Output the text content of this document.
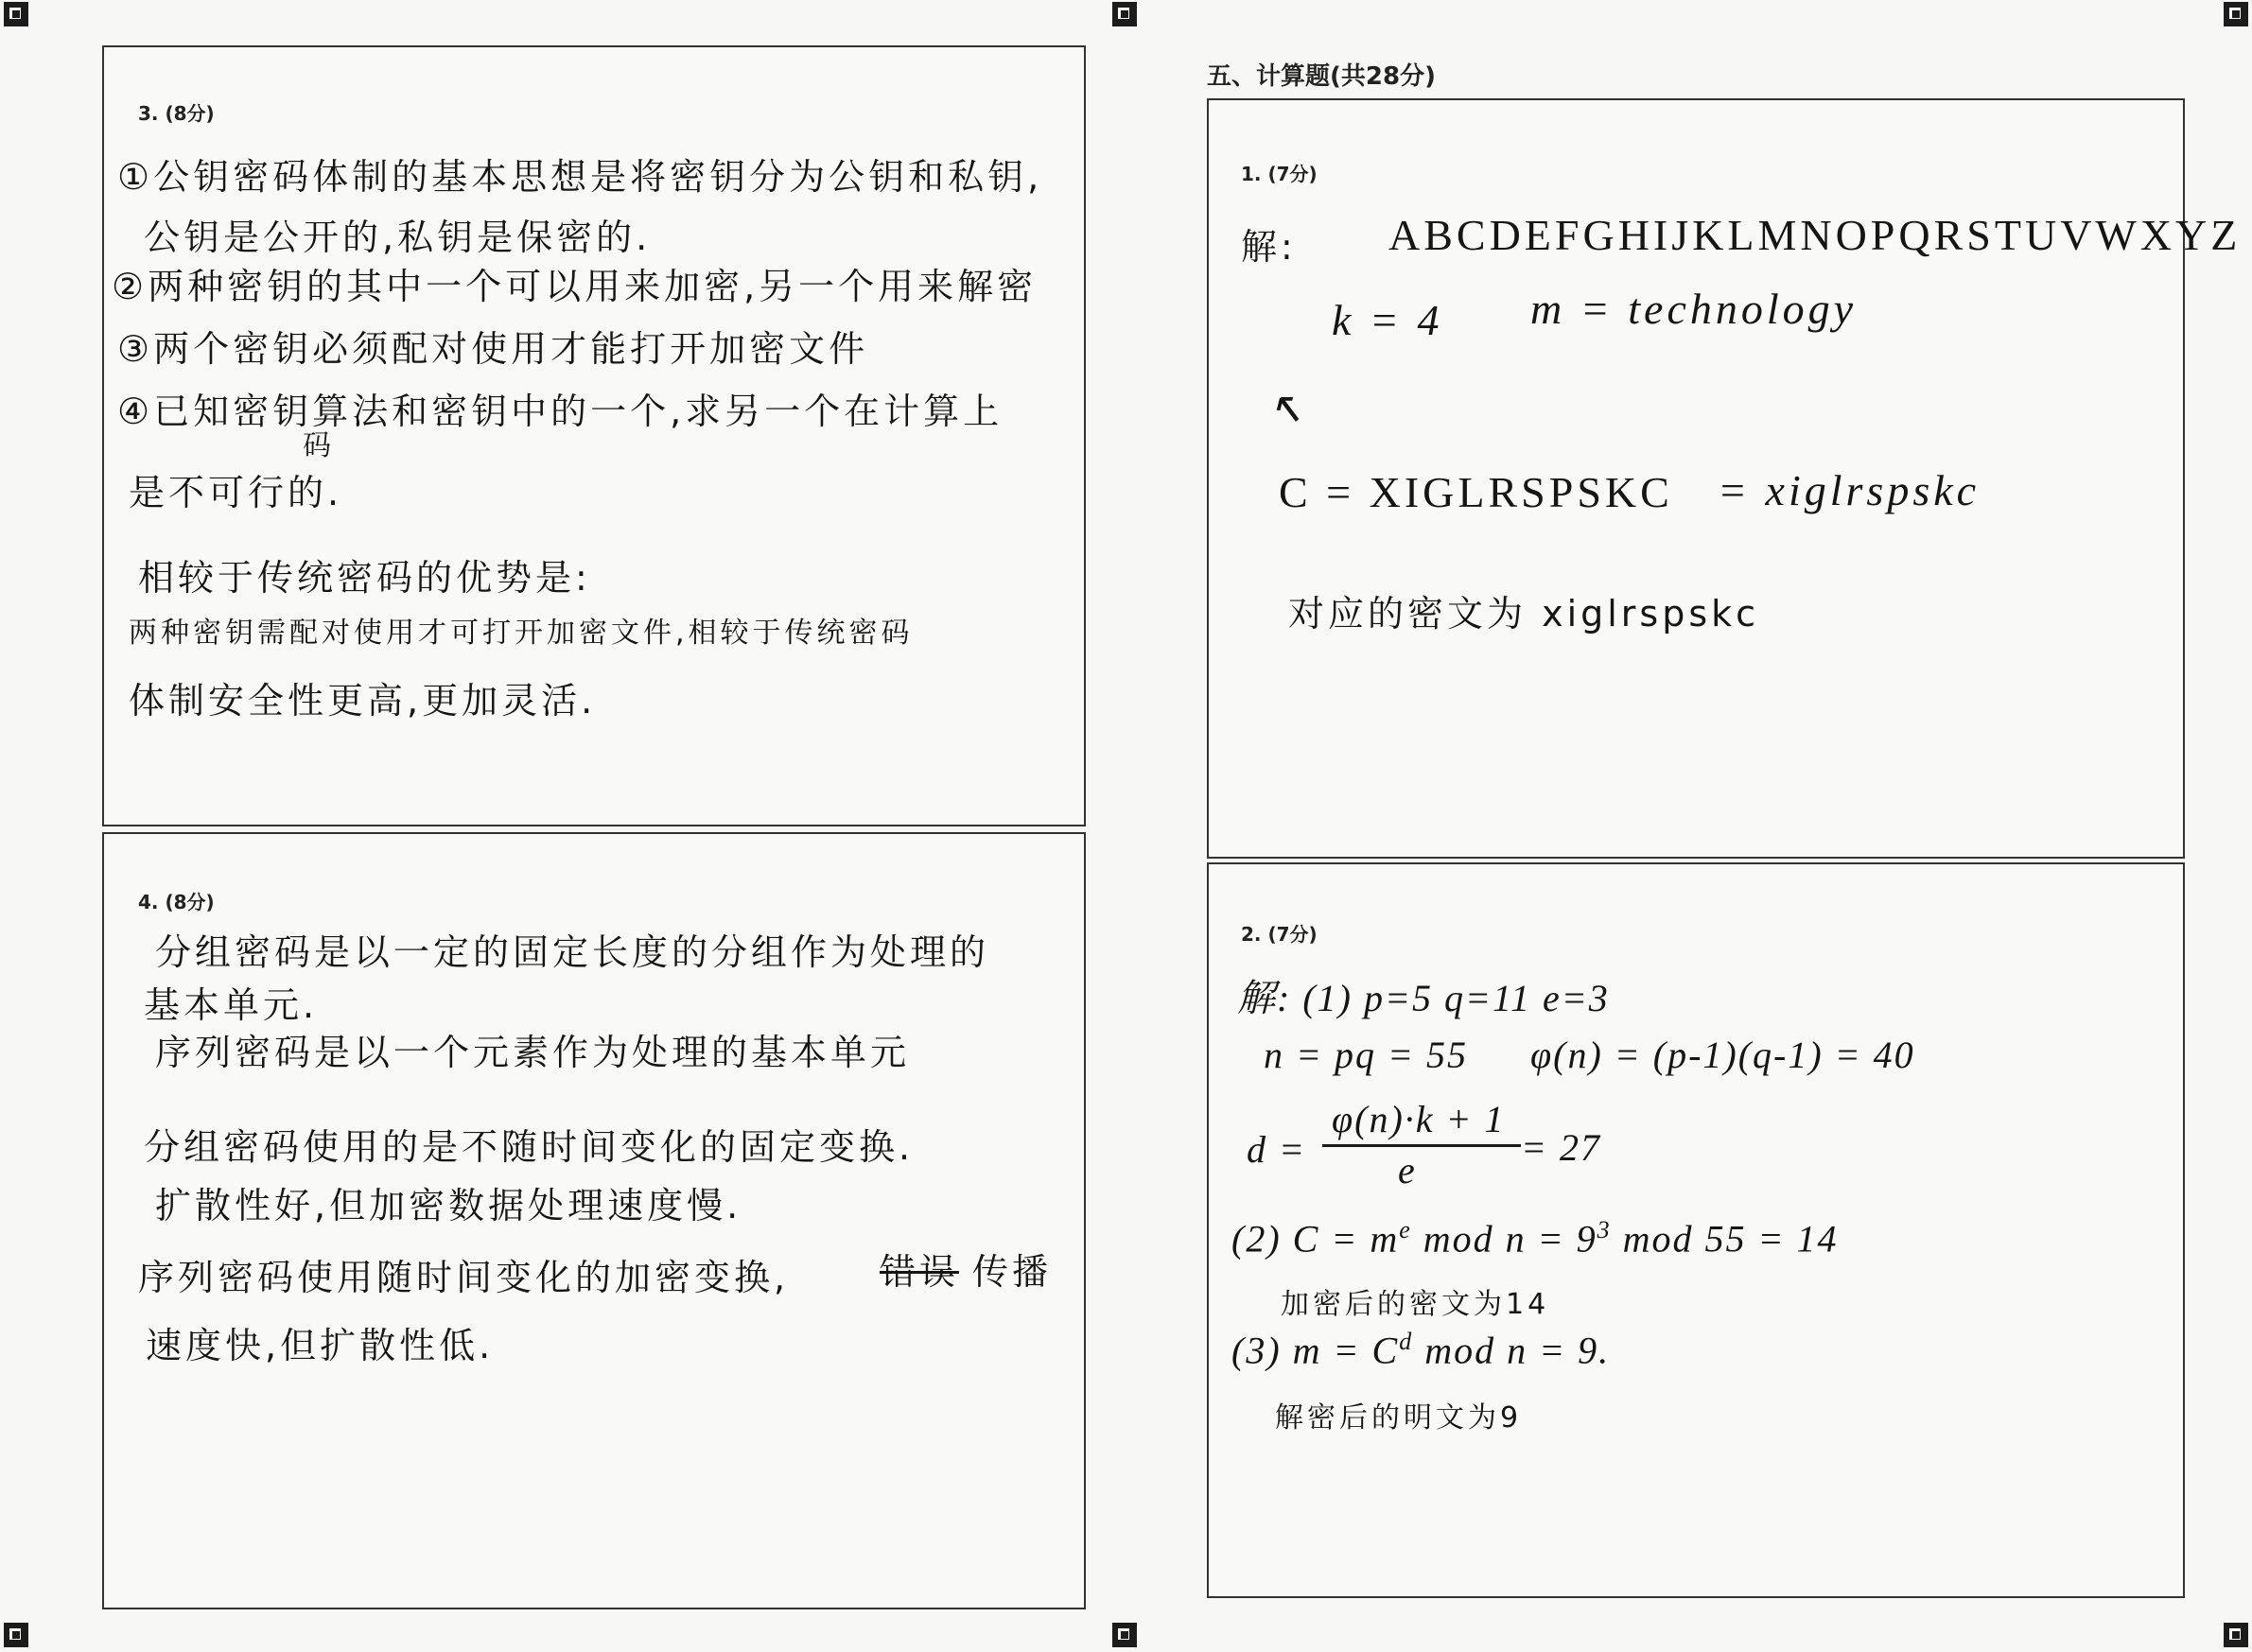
3. (8分)
①公钥密码体制的基本思想是将密钥分为公钥和私钥,
公钥是公开的,私钥是保密的.
②两种密钥的其中一个可以用来加密,另一个用来解密
③两个密钥必须配对使用才能打开加密文件
④已知密钥算法和密钥中的一个,求另一个在计算上
码
是不可行的.
相较于传统密码的优势是:
两种密钥需配对使用才可打开加密文件,相较于传统密码
体制安全性更高,更加灵活.
4. (8分)
分组密码是以一定的固定长度的分组作为处理的
基本单元.
序列密码是以一个元素作为处理的基本单元
分组密码使用的是不随时间变化的固定变换.
扩散性好,但加密数据处理速度慢.
序列密码使用随时间变化的加密变换,	错误 传播
速度快,但扩散性低.
五、计算题(共28分)
1. (7分)
解: ABCDEFGHIJKLMNOPQRSTUVWXYZ
k = 4 m = technology
↖
C = XIGLRSPSKC = xiglrspskc
对应的密文为 xiglrspskc
2. (7分)
解: (1) p=5 q=11 e=3
n = pq = 55 φ(n) = (p-1)(q-1) = 40
d =
φ(n)·k + 1
e
= 27
(2) $C = m^e$ mod $n = 9^3$ mod 55 = 14
加密后的密文为14
(3) $m = C^d$ mod n = 9.
解密后的明文为9
